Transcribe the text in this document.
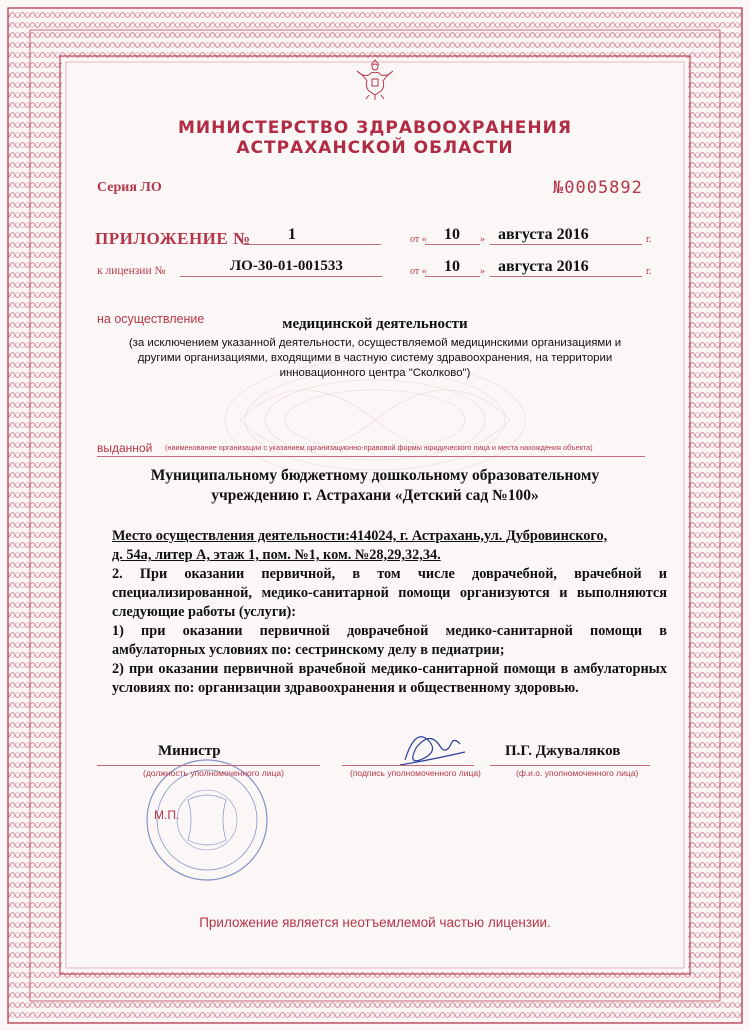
МИНИСТЕРСТВО ЗДРАВООХРАНЕНИЯ
АСТРАХАНСКОЙ ОБЛАСТИ
Серия ЛО	№0005892
ПРИЛОЖЕНИЕ № 1	от « 10 » августа 2016	г.
к лицензии №	ЛО-30-01-001533	от « 10 » августа 2016	г.
на осуществление	медицинской деятельности
(за исключением указанной деятельности, осуществляемой медицинскими организациями и
другими организациями, входящими в частную систему здравоохранения, на территории
инновационного центра "Сколково")
выданной (наименование организации с указанием организационно-правовой формы юридического лица и места нахождения объекта)
Муниципальному бюджетному дошкольному образовательному
учреждению г. Астрахани «Детский сад №100»

Место осуществления деятельности:414024, г. Астрахань,ул. Дубровинского,

д. 54а, литер А, этаж 1, пом. №1, ком. №28,29,32,34.

2. При оказании первичной, в том числе доврачебной, врачебной и специализированной, медико-санитарной помощи организуются и выполняются следующие работы (услуги):

1) при оказании первичной доврачебной медико-санитарной помощи в амбулаторных условиях по: сестринскому делу в педиатрии;

2) при оказании первичной врачебной медико-санитарной помощи в амбулаторных условиях по: организации здравоохранения и общественному здоровью.

Министр
(должность уполномоченного лица)	(подпись уполномоченного лица)
П.Г. Джуваляков
(ф.и.о. уполномоченного лица)
М.П.
Приложение является неотъемлемой частью лицензии.
